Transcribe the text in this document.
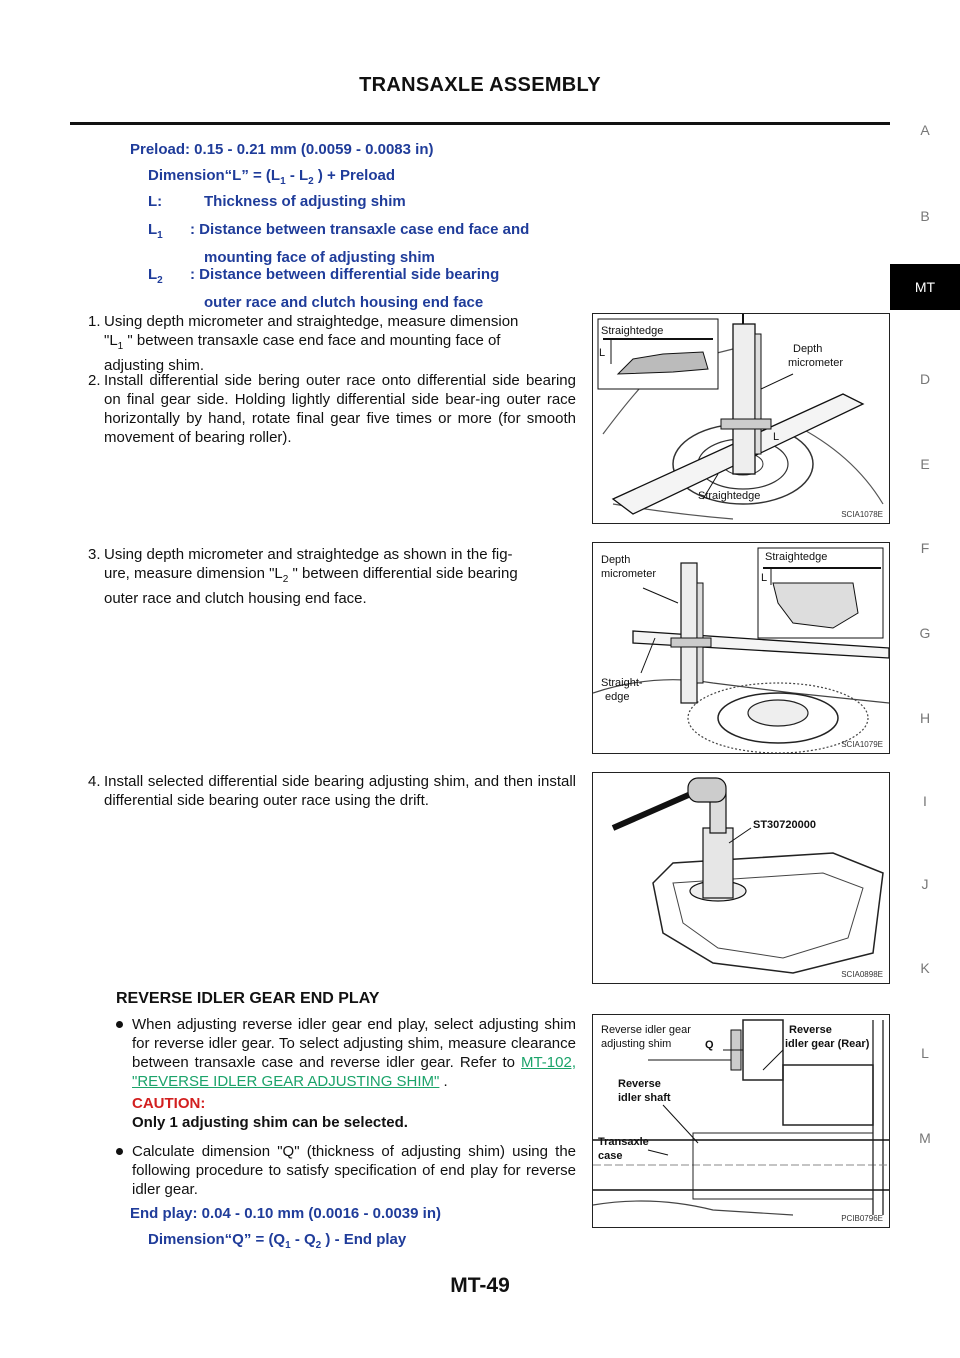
TRANSAXLE ASSEMBLY
A
B
MT
D
E
F
G
H
I
J
K
L
M
Preload: 0.15 - 0.21 mm (0.0059 - 0.0083 in)
Dimension“L” = ($L_1 - L_2$ ) + Preload
L:	Thickness of adjusting shim
$L_1$ : Distance between transaxle case end face and
mounting face of adjusting shim
$L_2$ : Distance between differential side bearing
outer race and clutch housing end face
1. Using depth micrometer and straightedge, measure dimension
"$L_1$ " between transaxle case end face and mounting face of
adjusting shim.
2. Install differential side bering outer race onto differential side bearing on final gear side. Holding lightly differential side bear-ing outer race horizontally by hand, rotate final gear five times or more (for smooth movement of bearing roller).
3. Using depth micrometer and straightedge as shown in the fig-
ure, measure dimension "$L_2$ " between differential side bearing
outer race and clutch housing end face.
4. Install selected differential side bearing adjusting shim, and then install differential side bearing outer race using the drift.
Straightedge
Depth
micrometer
L
L
Straightedge
SCIA1078E
Depth
micrometer
Straightedge
L
Straight-
edge
SCIA1079E
ST30720000
SCIA0898E
REVERSE IDLER GEAR END PLAY
When adjusting reverse idler gear end play, select adjusting shim for reverse idler gear. To select adjusting shim, measure clearance between transaxle case and reverse idler gear. Refer to MT-102, "REVERSE IDLER GEAR ADJUSTING SHIM" .
CAUTION:
Only 1 adjusting shim can be selected.
Calculate dimension "Q" (thickness of adjusting shim) using the following procedure to satisfy specification of end play for reverse idler gear.
Reverse idler gear
adjusting shim	Q
Reverse
idler gear (Rear)
Reverse
idler shaft
Transaxle
case
PCIB0796E
End play: 0.04 - 0.10 mm (0.0016 - 0.0039 in)
Dimension“Q” = ($Q_1 - Q_2$ ) - End play
MT-49
